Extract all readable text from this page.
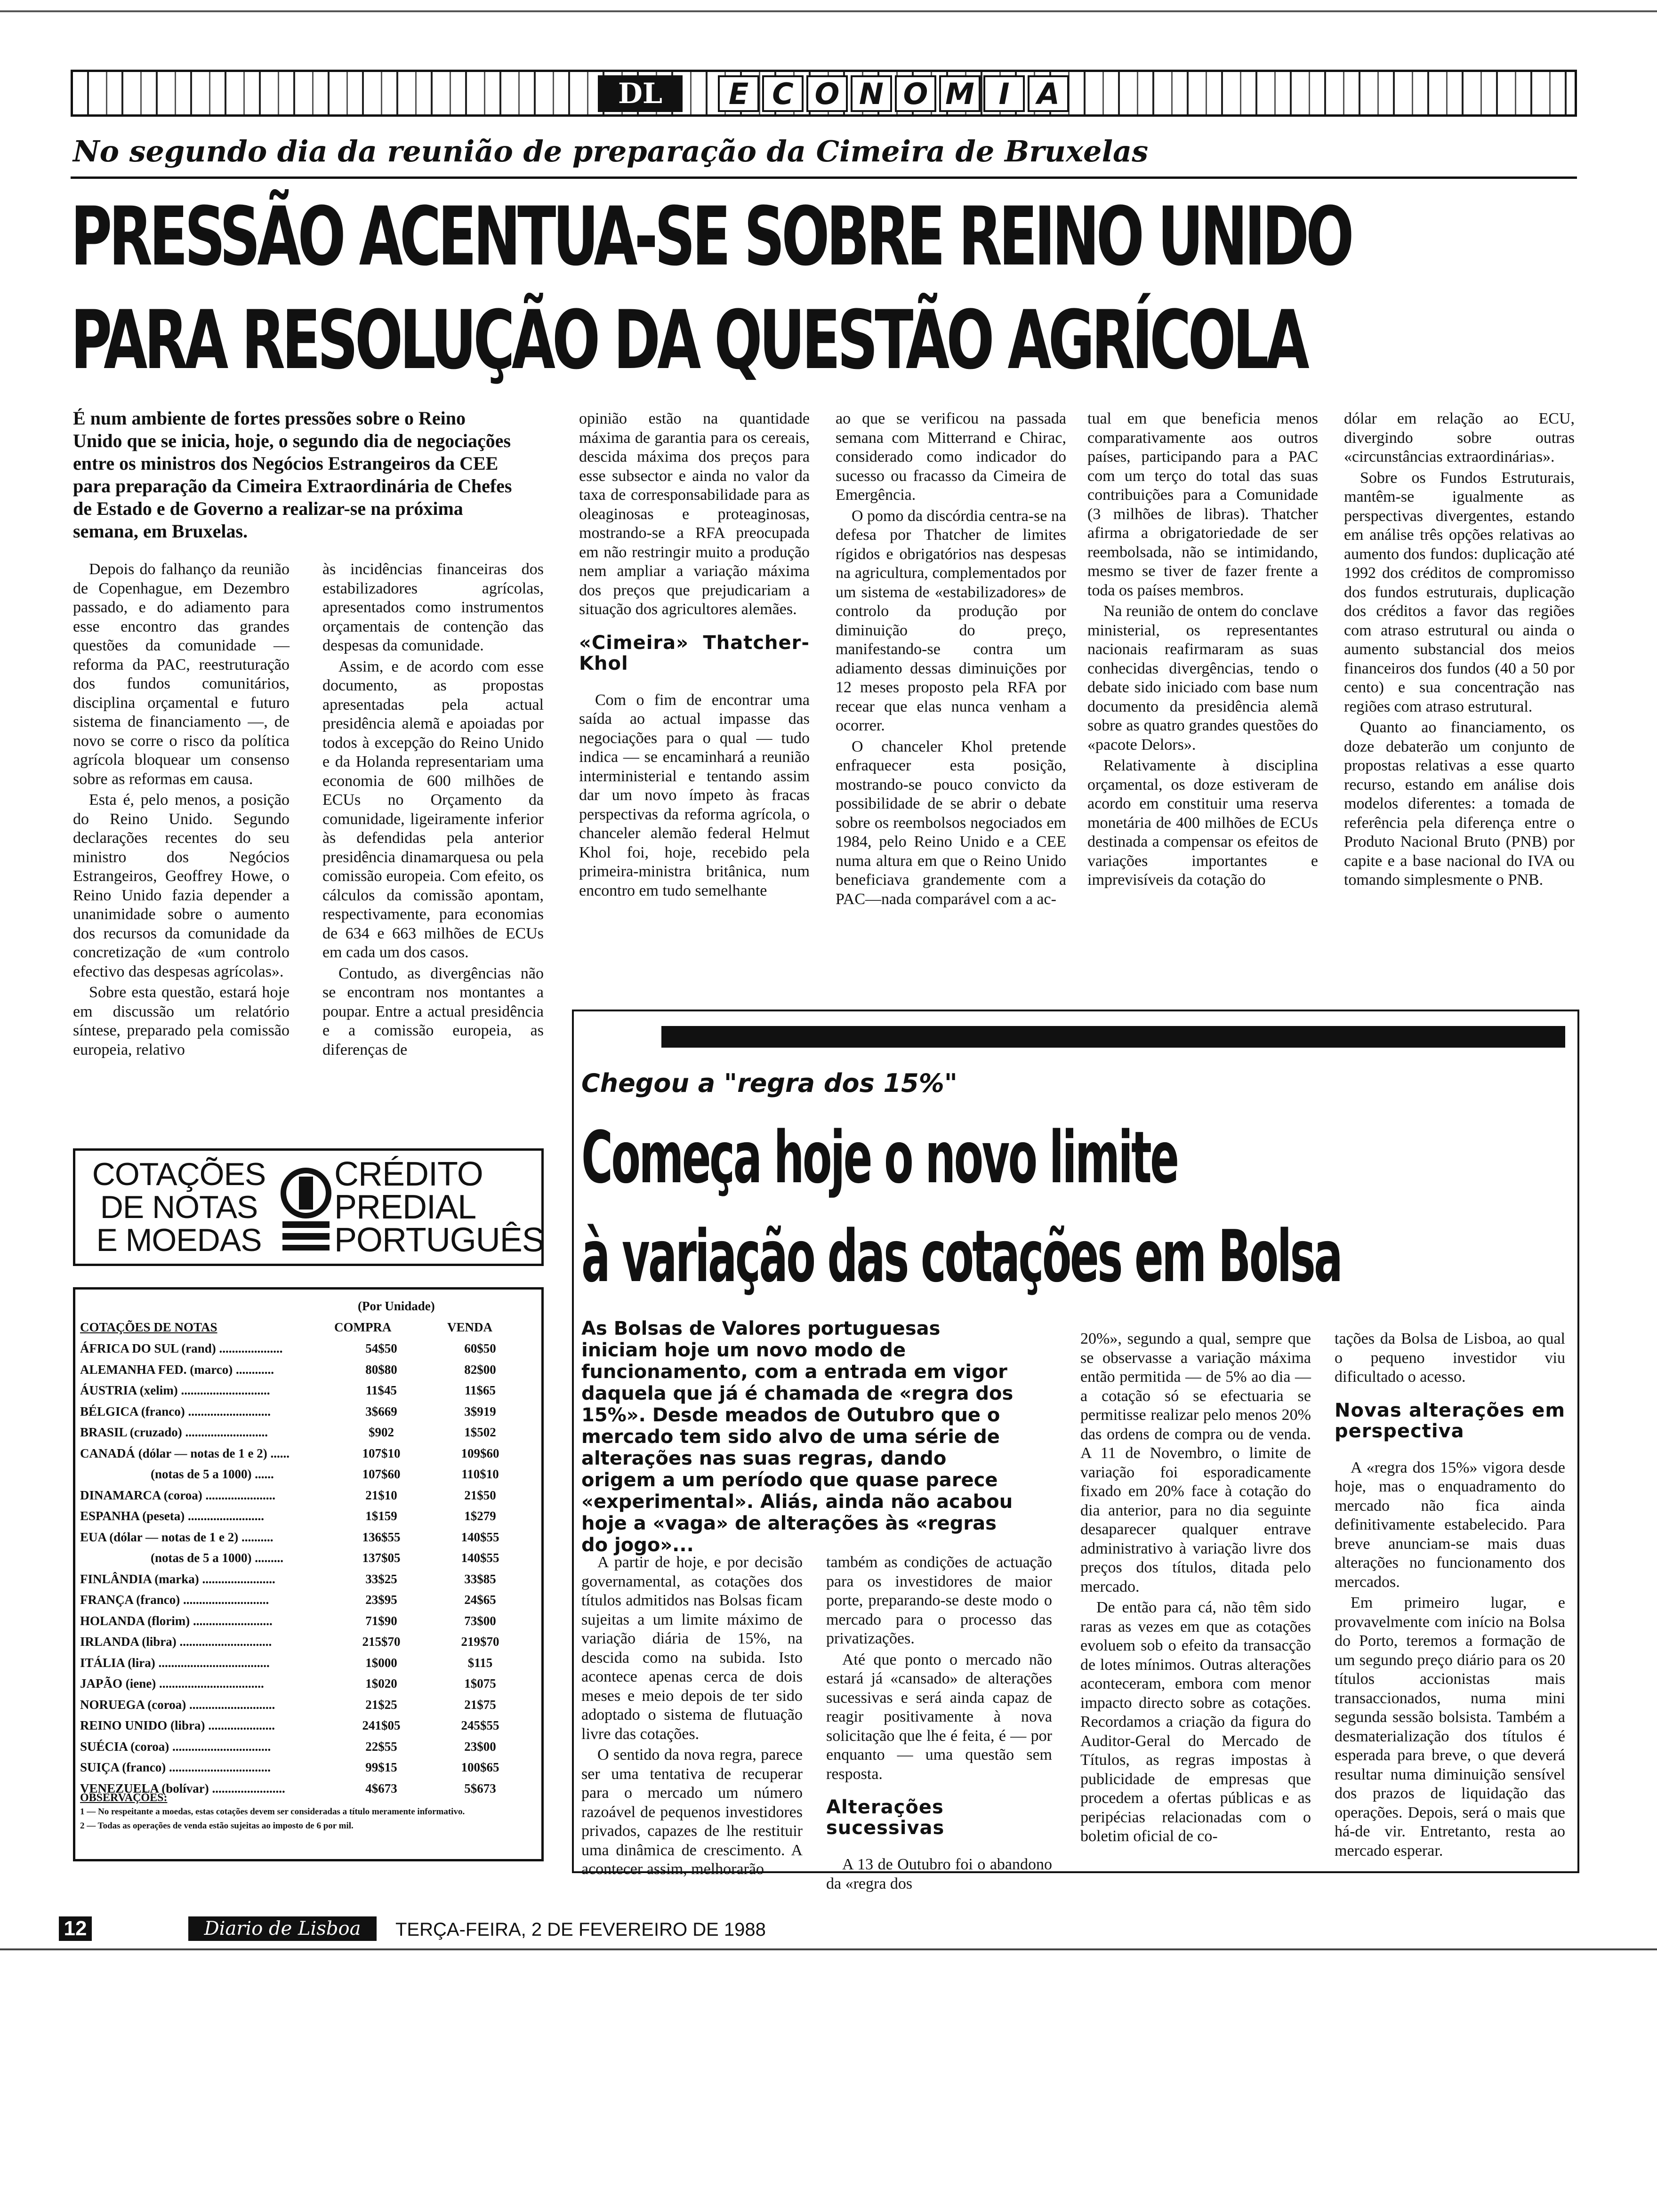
DL	E C O N O M I A
No segundo dia da reunião de preparação da Cimeira de Bruxelas
PRESSÃO ACENTUA-SE SOBRE REINO UNIDO
PARA RESOLUÇÃO DA QUESTÃO AGRÍCOLA
É num ambiente de fortes pressões sobre o Reino Unido que se inicia, hoje, o segundo dia de negociações entre os ministros dos Negócios Estrangeiros da CEE para preparação da Cimeira Extraordinária de Chefes de Estado e de Governo a realizar-se na próxima semana, em Bruxelas.

Depois do falhanço da reunião de Copenhague, em Dezembro passado, e do adiamento para esse encontro das grandes questões da comunidade — reforma da PAC, reestruturação dos fundos comunitários, disciplina orçamental e futuro sistema de financiamento —, de novo se corre o risco da política agrícola bloquear um consenso sobre as reformas em causa.

Esta é, pelo menos, a posição do Reino Unido. Segundo declarações recentes do seu ministro dos Negócios Estrangeiros, Geoffrey Howe, o Reino Unido fazia depender a unanimidade sobre o aumento dos recursos da comunidade da concretização de «um controlo efectivo das despesas agrícolas».

Sobre esta questão, estará hoje em discussão um relatório síntese, preparado pela comissão europeia, relativo

às incidências financeiras dos estabilizadores agrícolas, apresentados como instrumentos orçamentais de contenção das despesas da comunidade.

Assim, e de acordo com esse documento, as propostas apresentadas pela actual presidência alemã e apoiadas por todos à excepção do Reino Unido e da Holanda representariam uma economia de 600 milhões de ECUs no Orçamento da comunidade, ligeiramente inferior às defendidas pela anterior presidência dinamarquesa ou pela comissão europeia. Com efeito, os cálculos da comissão apontam, respectivamente, para economias de 634 e 663 milhões de ECUs em cada um dos casos.

Contudo, as divergências não se encontram nos montantes a poupar. Entre a actual presidência e a comissão europeia, as diferenças de

opinião estão na quantidade máxima de garantia para os cereais, descida máxima dos preços para esse subsector e ainda no valor da taxa de corresponsabilidade para as oleaginosas e proteaginosas, mostrando-se a RFA preocupada em não restringir muito a produção nem ampliar a variação máxima dos preços que prejudicariam a situação dos agricultores alemães.

«Cimeira» Thatcher-Khol

Com o fim de encontrar uma saída ao actual impasse das negociações para o qual — tudo indica — se encaminhará a reunião interministerial e tentando assim dar um novo ímpeto às fracas perspectivas da reforma agrícola, o chanceler alemão federal Helmut Khol foi, hoje, recebido pela primeira-ministra britânica, num encontro em tudo semelhante

ao que se verificou na passada semana com Mitterrand e Chirac, considerado como indicador do sucesso ou fracasso da Cimeira de Emergência.

O pomo da discórdia centra-se na defesa por Thatcher de limites rígidos e obrigatórios nas despesas na agricultura, complementados por um sistema de «estabilizadores» de controlo da produção por diminuição do preço, manifestando-se contra um adiamento dessas diminuições por 12 meses proposto pela RFA por recear que elas nunca venham a ocorrer.

O chanceler Khol pretende enfraquecer esta posição, mostrando-se pouco convicto da possibilidade de se abrir o debate sobre os reembolsos negociados em 1984, pelo Reino Unido e a CEE numa altura em que o Reino Unido beneficiava grandemente com a PAC—nada comparável com a ac-

tual em que beneficia menos comparativamente aos outros países, participando para a PAC com um terço do total das suas contribuições para a Comunidade (3 milhões de libras). Thatcher afirma a obrigatoriedade de ser reembolsada, não se intimidando, mesmo se tiver de fazer frente a toda os países membros.

Na reunião de ontem do conclave ministerial, os representantes nacionais reafirmaram as suas conhecidas divergências, tendo o debate sido iniciado com base num documento da presidência alemã sobre as quatro grandes questões do «pacote Delors».

Relativamente à disciplina orçamental, os doze estiveram de acordo em constituir uma reserva monetária de 400 milhões de ECUs destinada a compensar os efeitos de variações importantes e imprevisíveis da cotação do

dólar em relação ao ECU, divergindo sobre outras «circunstâncias extraordinárias».

Sobre os Fundos Estruturais, mantêm-se igualmente as perspectivas divergentes, estando em análise três opções relativas ao aumento dos fundos: duplicação até 1992 dos créditos de compromisso dos fundos estruturais, duplicação dos créditos a favor das regiões com atraso estrutural ou ainda o aumento substancial dos meios financeiros dos fundos (40 a 50 por cento) e sua concentração nas regiões com atraso estrutural.

Quanto ao financiamento, os doze debaterão um conjunto de propostas relativas a esse quarto recurso, estando em análise dois modelos diferentes: a tomada de referência pela diferença entre o Produto Nacional Bruto (PNB) por capite e a base nacional do IVA ou tomando simplesmente o PNB.

Chegou a "regra dos 15%"
Começa hoje o novo limite
à variação das cotações em Bolsa
As Bolsas de Valores portuguesas iniciam hoje um novo modo de funcionamento, com a entrada em vigor daquela que já é chamada de «regra dos 15%». Desde meados de Outubro que o mercado tem sido alvo de uma série de alterações nas suas regras, dando origem a um período que quase parece «experimental». Aliás, ainda não acabou hoje a «vaga» de alterações às «regras do jogo»...

A partir de hoje, e por decisão governamental, as cotações dos títulos admitidos nas Bolsas ficam sujeitas a um limite máximo de variação diária de 15%, na descida como na subida. Isto acontece apenas cerca de dois meses e meio depois de ter sido adoptado o sistema de flutuação livre das cotações.

O sentido da nova regra, parece ser uma tentativa de recuperar para o mercado um número razoável de pequenos investidores privados, capazes de lhe restituir uma dinâmica de crescimento. A acontecer assim, melhorarão

também as condições de actuação para os investidores de maior porte, preparando-se deste modo o mercado para o processo das privatizações.

Até que ponto o mercado não estará já «cansado» de alterações sucessivas e será ainda capaz de reagir positivamente à nova solicitação que lhe é feita, é — por enquanto — uma questão sem resposta.

Alterações sucessivas

A 13 de Outubro foi o abandono da «regra dos

20%», segundo a qual, sempre que se observasse a variação máxima então permitida — de 5% ao dia — a cotação só se efectuaria se permitisse realizar pelo menos 20% das ordens de compra ou de venda. A 11 de Novembro, o limite de variação foi esporadicamente fixado em 20% face à cotação do dia anterior, para no dia seguinte desaparecer qualquer entrave administrativo à variação livre dos preços dos títulos, ditada pelo mercado.

De então para cá, não têm sido raras as vezes em que as cotações evoluem sob o efeito da transacção de lotes mínimos. Outras alterações aconteceram, embora com menor impacto directo sobre as cotações. Recordamos a criação da figura do Auditor-Geral do Mercado de Títulos, as regras impostas à publicidade de empresas que procedem a ofertas públicas e as peripécias relacionadas com o boletim oficial de co-

tações da Bolsa de Lisboa, ao qual o pequeno investidor viu dificultado o acesso.

Novas alterações em perspectiva

A «regra dos 15%» vigora desde hoje, mas o enquadramento do mercado não fica ainda definitivamente estabelecido. Para breve anunciam-se mais duas alterações no funcionamento dos mercados.

Em primeiro lugar, e provavelmente com início na Bolsa do Porto, teremos a formação de um segundo preço diário para os 20 títulos accionistas mais transaccionados, numa mini segunda sessão bolsista. Também a desmaterialização dos títulos é esperada para breve, o que deverá resultar numa diminuição sensível dos prazos de liquidação das operações. Depois, será o mais que há-de vir. Entretanto, resta ao mercado esperar.

COTAÇÕES
DE NOTAS
E MOEDAS
CRÉDITO
PREDIAL
PORTUGUÊS
(Por Unidade)
COTAÇÕES DE NOTAS	COMPRA	VENDA
ÁFRICA DO SUL (rand) ....................	54$50	60$50
ALEMANHA FED. (marco) ............	80$80	82$00
ÁUSTRIA (xelim) ............................	11$45	11$65
BÉLGICA (franco) ..........................	3$669	3$919
BRASIL (cruzado) ..........................	$902	1$502
CANADÁ (dólar — notas de 1 e 2) ......	107$10	109$60
(notas de 5 a 1000) ......	107$60	110$10
DINAMARCA (coroa) ......................	21$10	21$50
ESPANHA (peseta) ........................	1$159	1$279
EUA (dólar — notas de 1 e 2) ..........	136$55	140$55
(notas de 5 a 1000) .........	137$05	140$55
FINLÂNDIA (marka) .......................	33$25	33$85
FRANÇA (franco) ...........................	23$95	24$65
HOLANDA (florim) .........................	71$90	73$00
IRLANDA (libra) .............................	215$70	219$70
ITÁLIA (lira) ...................................	1$000	$115
JAPÃO (iene) .................................	1$020	1$075
NORUEGA (coroa) ...........................	21$25	21$75
REINO UNIDO (libra) .....................	241$05	245$55
SUÉCIA (coroa) ...............................	22$55	23$00
SUIÇA (franco) ................................	99$15	100$65
VENEZUELA (bolívar) .......................	4$673	5$673
OBSERVAÇÕES:
1 — No respeitante a moedas, estas cotações devem ser consideradas a título meramente informativo.
2 — Todas as operações de venda estão sujeitas ao imposto de 6 por mil.
12	Diario de Lisboa	TERÇA-FEIRA, 2 DE FEVEREIRO DE 1988
